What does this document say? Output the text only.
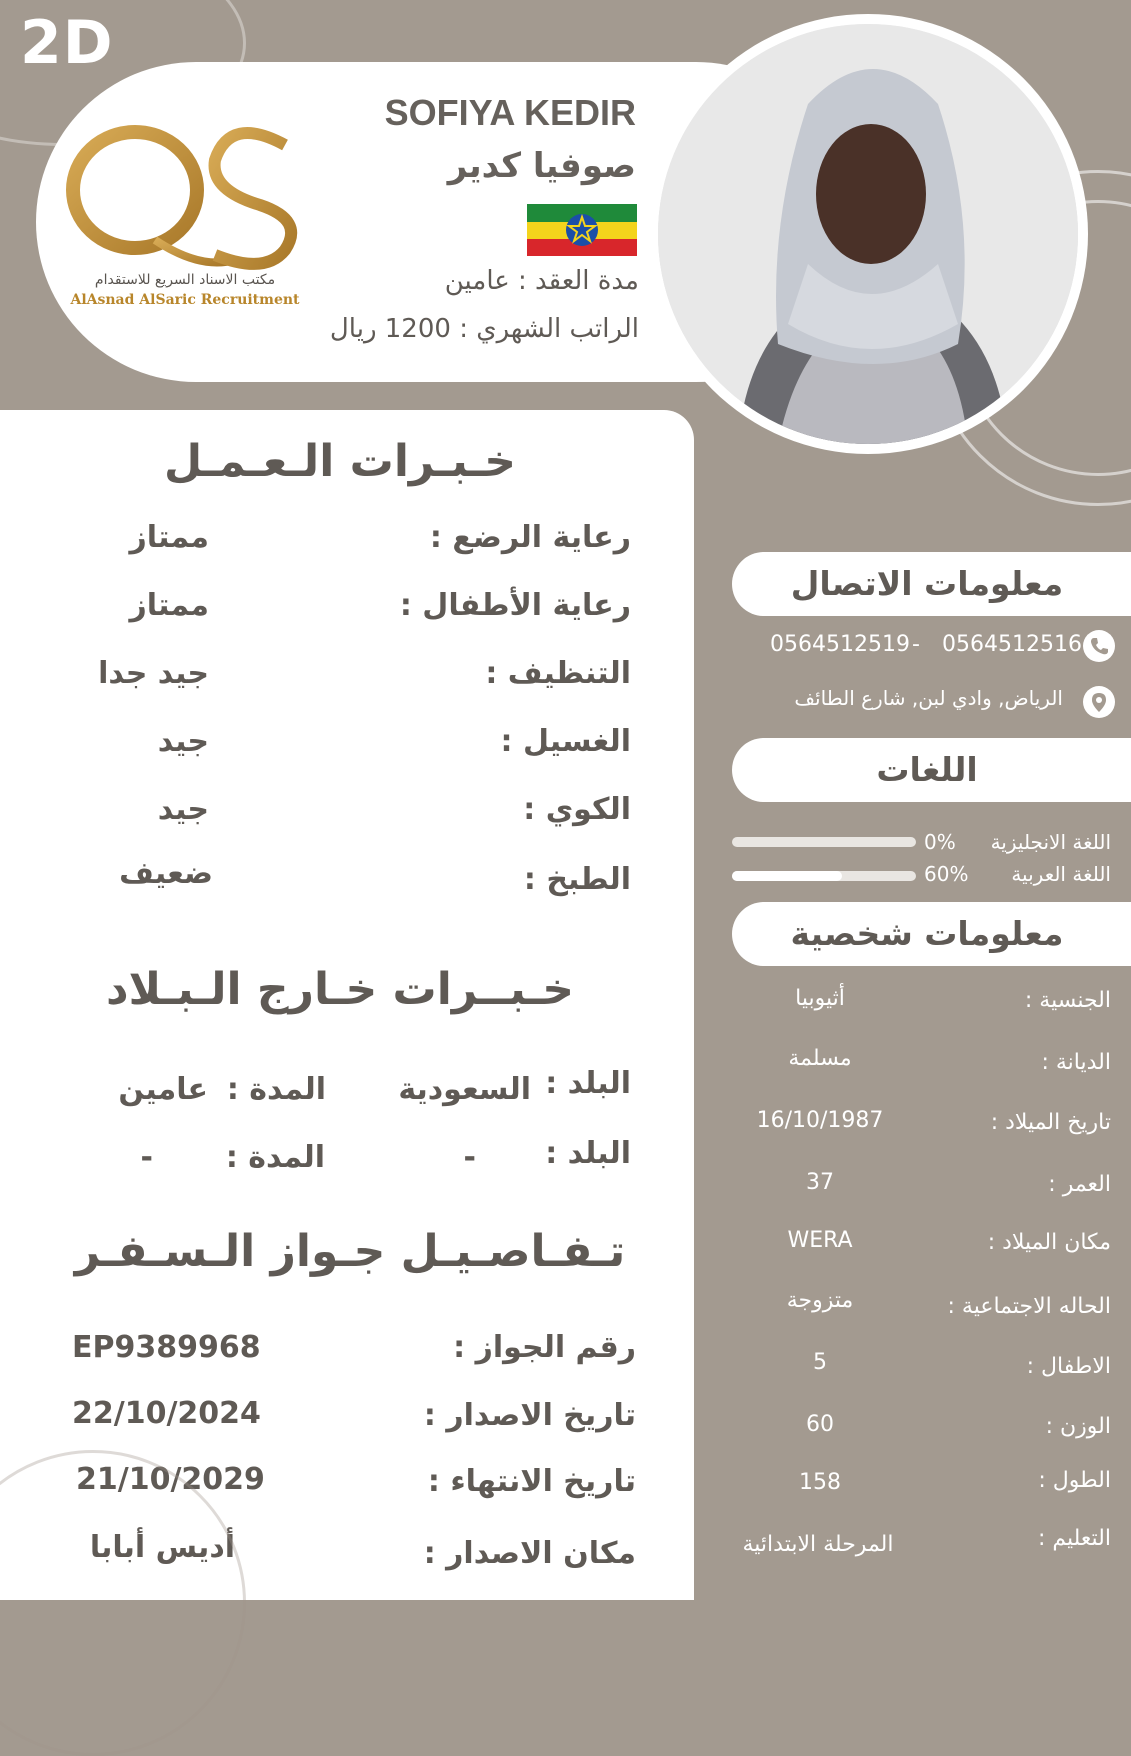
2D
مكتب الاسناد السريع للاستقدام
AlAsnad AlSaric Recruitment
SOFIYA KEDIR
صوفيا كدير
مدة العقد : عامين
الراتب الشهري : 1200 ريال
خـبـرات الـعـمـل
رعاية الرضع :
ممتاز
رعاية الأطفال :
ممتاز
التنظيف :
جيد جدا
الغسيل :
جيد
الكوي :
جيد
الطبخ :
ضعيف
خـبــرات خـارج الـبـلاد
البلد :
السعودية
المدة :
عامين
البلد :
-
المدة :
-
تـفـاصـيـل جـواز الـسـفـر
رقم الجواز :
EP9389968
تاريخ الاصدار :
22/10/2024
تاريخ الانتهاء :
21/10/2029
مكان الاصدار :
أديس أبابا
معلومات الاتصال
0564512516
-
0564512519
الرياض, وادي لبن, شارع الطائف
اللغات
اللغة الانجليزية
0%
اللغة العربية
60%
معلومات شخصية
الجنسية :
أثيوبيا
الديانة :
مسلمة
تاريخ الميلاد :
16/10/1987
العمر :
37
مكان الميلاد :
WERA
الحاله الاجتماعية :
متزوجة
الاطفال :
5
الوزن :
60
الطول :
158
التعليم :
المرحلة الابتدائية
